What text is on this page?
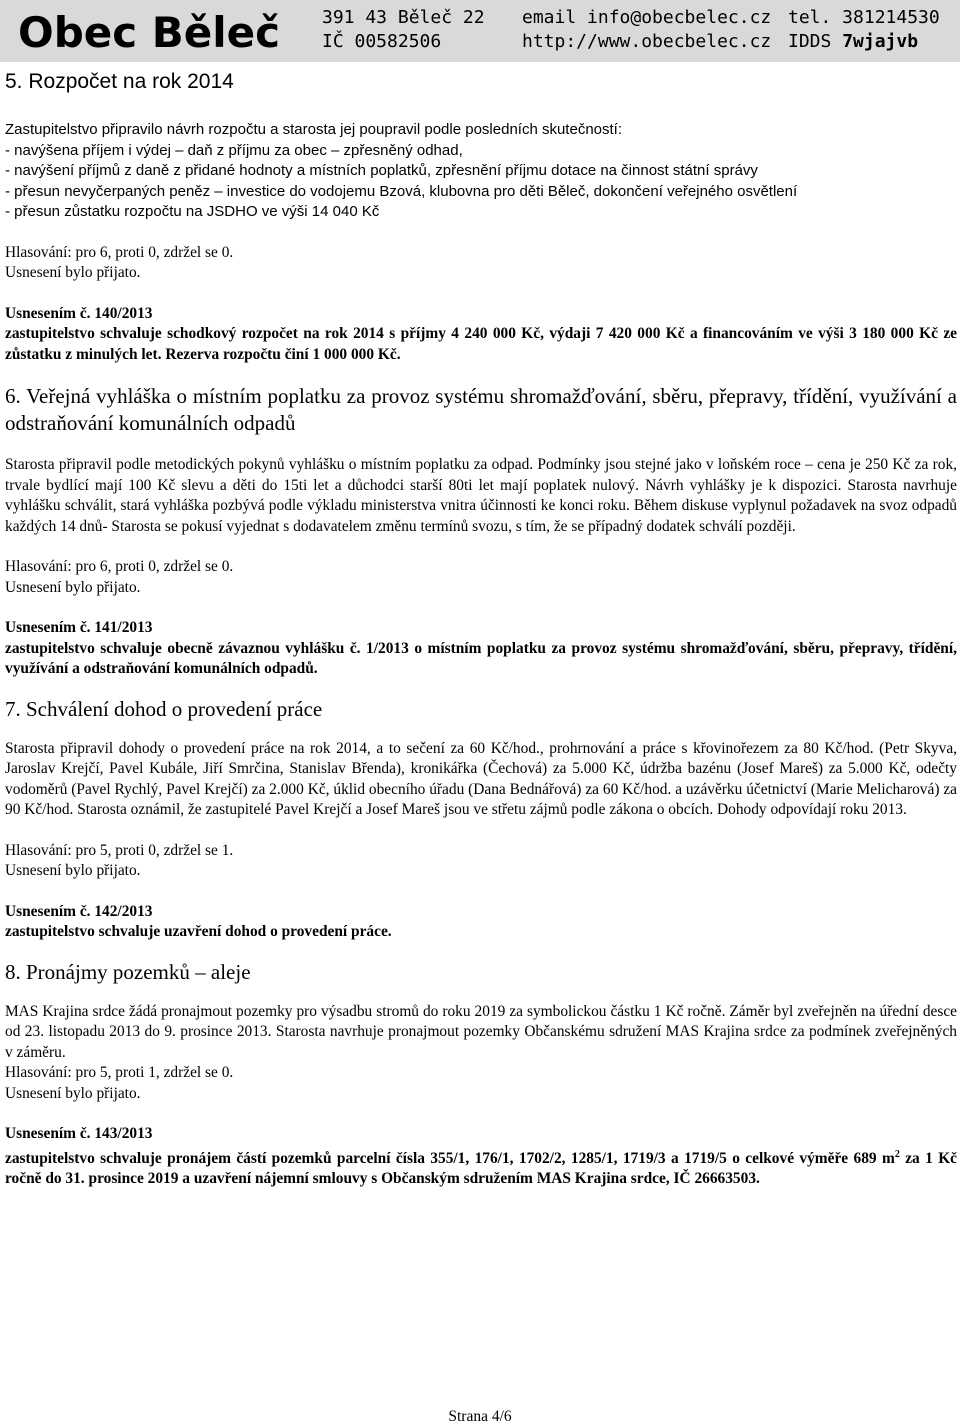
Obec Běleč 391 43 Běleč 22
IČ 00582506
email info@obecbelec.cz
http://www.obecbelec.cz
tel. 381214530
IDDS 7wjajvb
5. Rozpočet na rok 2014
Zastupitelstvo připravilo návrh rozpočtu a starosta jej poupravil podle posledních skutečností:
- navýšena příjem i výdej – daň z příjmu za obec – zpřesněný odhad,
- navýšení příjmů z daně z přidané hodnoty a místních poplatků, zpřesnění příjmu dotace na činnost státní správy
- přesun nevyčerpaných peněz – investice do vodojemu Bzová, klubovna pro děti Běleč, dokončení veřejného osvětlení
- přesun zůstatku rozpočtu na JSDHO ve výši 14 040 Kč
Hlasování: pro 6, proti 0, zdržel se 0.
Usnesení bylo přijato.
Usnesením č. 140/2013
zastupitelstvo schvaluje schodkový rozpočet na rok 2014 s příjmy 4 240 000 Kč, výdaji 7 420 000 Kč a financováním ve výši 3 180 000 Kč ze zůstatku z minulých let. Rezerva rozpočtu činí 1 000 000 Kč.
6. Veřejná vyhláška o místním poplatku za provoz systému shromažďování, sběru, přepravy, třídění, využívání a odstraňování komunálních odpadů
Starosta připravil podle metodických pokynů vyhlášku o místním poplatku za odpad. Podmínky jsou stejné jako v loňském roce – cena je 250 Kč za rok, trvale bydlící mají 100 Kč slevu a děti do 15ti let a důchodci starší 80ti let mají poplatek nulový. Návrh vyhlášky je k dispozici. Starosta navrhuje vyhlášku schválit, stará vyhláška pozbývá podle výkladu ministerstva vnitra účinnosti ke konci roku. Během diskuse vyplynul požadavek na svoz odpadů každých 14 dnů- Starosta se pokusí vyjednat s dodavatelem změnu termínů svozu, s tím, že se případný dodatek schválí později.
Hlasování: pro 6, proti 0, zdržel se 0.
Usnesení bylo přijato.
Usnesením č. 141/2013
zastupitelstvo schvaluje obecně závaznou vyhlášku č. 1/2013 o místním poplatku za provoz systému shromažďování, sběru, přepravy, třídění, využívání a odstraňování komunálních odpadů.
7. Schválení dohod o provedení práce
Starosta připravil dohody o provedení práce na rok 2014, a to sečení za 60 Kč/hod., prohrnování a práce s křovinořezem za 80 Kč/hod. (Petr Skyva, Jaroslav Krejčí, Pavel Kubále, Jiří Smrčina, Stanislav Břenda), kronikářka (Čechová) za 5.000 Kč, údržba bazénu (Josef Mareš) za 5.000 Kč, odečty vodoměrů (Pavel Rychlý, Pavel Krejčí) za 2.000 Kč, úklid obecního úřadu (Dana Bednářová) za 60 Kč/hod. a uzávěrku účetnictví (Marie Melicharová) za 90 Kč/hod. Starosta oznámil, že zastupitelé Pavel Krejčí a Josef Mareš jsou ve střetu zájmů podle zákona o obcích. Dohody odpovídají roku 2013.
Hlasování: pro 5, proti 0, zdržel se 1.
Usnesení bylo přijato.
Usnesením č. 142/2013
zastupitelstvo schvaluje uzavření dohod o provedení práce.
8. Pronájmy pozemků – aleje
MAS Krajina srdce žádá pronajmout pozemky pro výsadbu stromů do roku 2019 za symbolickou částku 1 Kč ročně. Záměr byl zveřejněn na úřední desce od 23. listopadu 2013 do 9. prosince 2013. Starosta navrhuje pronajmout pozemky Občanskému sdružení MAS Krajina srdce za podmínek zveřejněných v záměru.
Hlasování: pro 5, proti 1, zdržel se 0.
Usnesení bylo přijato.
Usnesením č. 143/2013
zastupitelstvo schvaluje pronájem částí pozemků parcelní čísla 355/1, 176/1, 1702/2, 1285/1, 1719/3 a 1719/5 o celkové výměře 689 $m^2$ za 1 Kč ročně do 31. prosince 2019 a uzavření nájemní smlouvy s Občanským sdružením MAS Krajina srdce, IČ 26663503.
Strana 4/6
